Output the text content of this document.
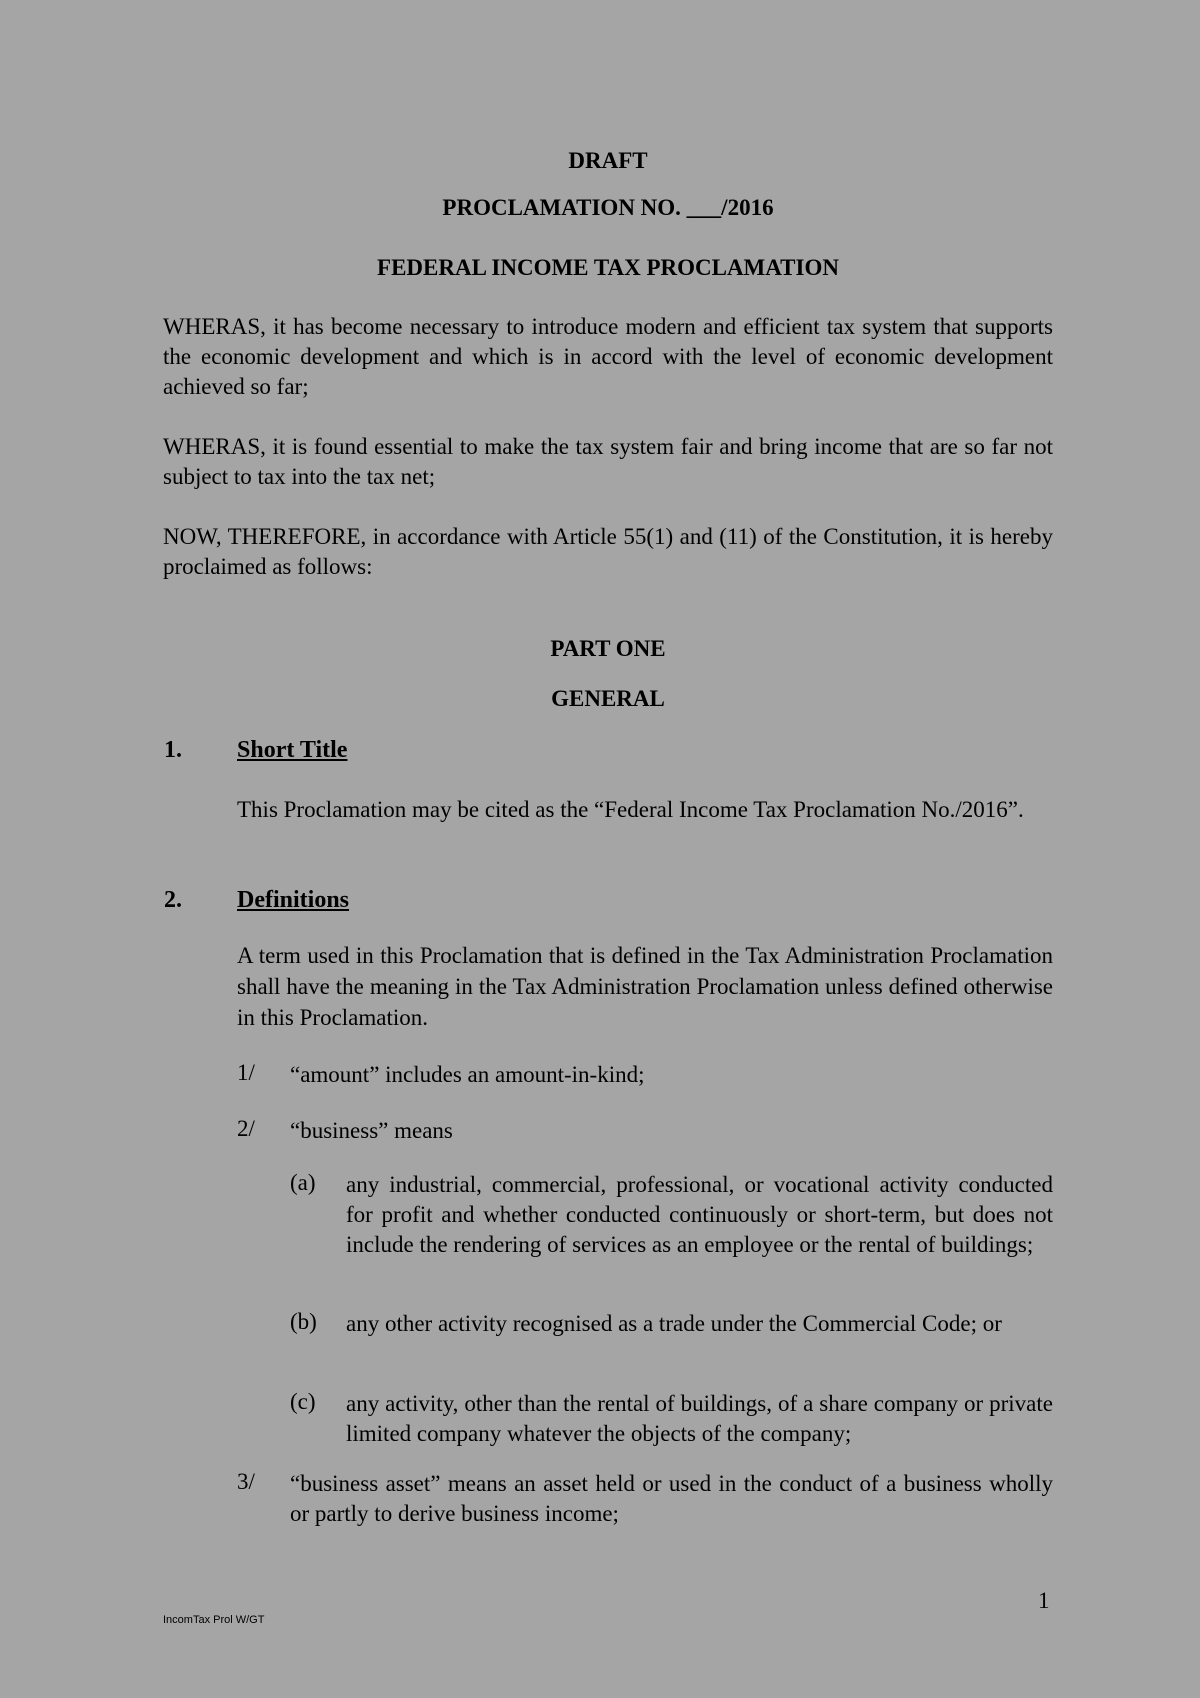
DRAFT
PROCLAMATION NO. ___/2016
FEDERAL INCOME TAX PROCLAMATION

WHERAS, it has become necessary to introduce modern and efficient tax system that supports the economic development and which is in accord with the level of economic development achieved so far;

WHERAS, it is found essential to make the tax system fair and bring income that are so far not subject to tax into the tax net;

NOW, THEREFORE, in accordance with Article 55(1) and (11) of the Constitution, it is hereby proclaimed as follows:

PART ONE
GENERAL
1. Short Title
This Proclamation may be cited as the “Federal Income Tax Proclamation No./2016”.
2. Definitions
A term used in this Proclamation that is defined in the Tax Administration Proclamation shall have the meaning in the Tax Administration Proclamation unless defined otherwise in this Proclamation.
1/ “amount” includes an amount-in-kind;
2/ “business” means
(a) any industrial, commercial, professional, or vocational activity conducted for profit and whether conducted continuously or short-term, but does not include the rendering of services as an employee or the rental of buildings;
(b) any other activity recognised as a trade under the Commercial Code; or
(c) any activity, other than the rental of buildings, of a share company or private limited company whatever the objects of the company;
3/ “business asset” means an asset held or used in the conduct of a business wholly or partly to derive business income;
1
IncomTax Prol W/GT
